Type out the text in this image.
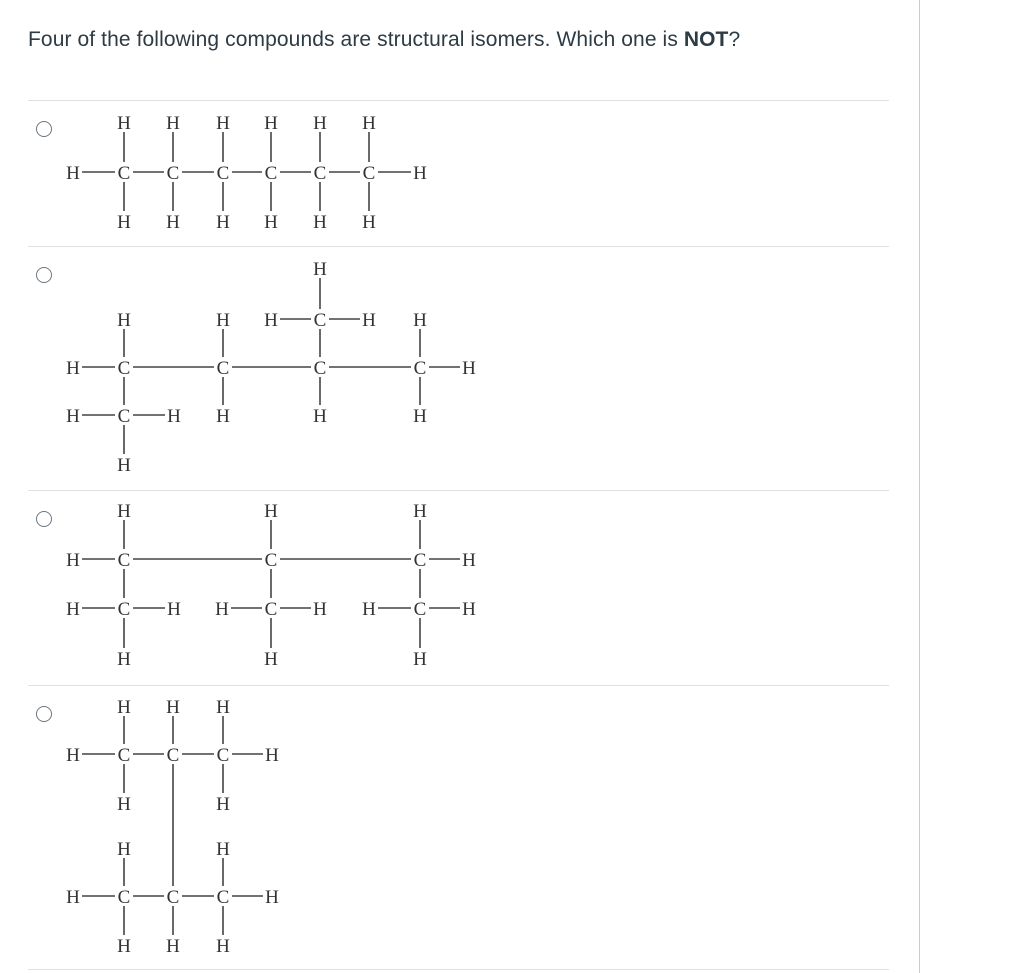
Four of the following compounds are structural isomers. Which one is NOT?
H C
H
H
C
H
H
C
H
H
C
H
H
C
H
H
C
H
H
H
H C
H
C
H	H
H
C
H
H
C
H
C
H	H
H
C
H
H
H
H C
H
C
H	H
H
C
H
C
H	H
H
C
H
H
C
H	H
H
H C
H
C
H
C
H
H
H	H
H C
H
C
H
C
H
H
H	H
